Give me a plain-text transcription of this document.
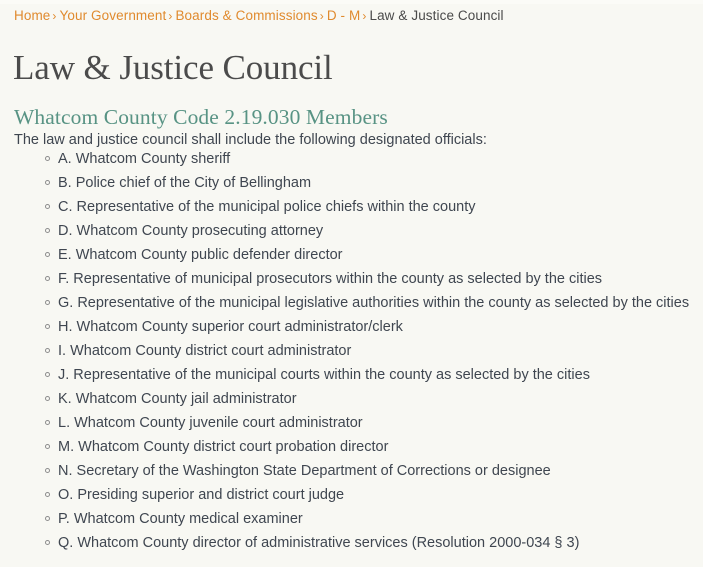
Home › Your Government › Boards & Commissions › D - M › Law & Justice Council
Law & Justice Council
Whatcom County Code 2.19.030 Members

The law and justice council shall include the following designated officials:

A. Whatcom County sheriff
B. Police chief of the City of Bellingham
C. Representative of the municipal police chiefs within the county
D. Whatcom County prosecuting attorney
E. Whatcom County public defender director
F. Representative of municipal prosecutors within the county as selected by the cities
G. Representative of the municipal legislative authorities within the county as selected by the cities
H. Whatcom County superior court administrator/clerk
I. Whatcom County district court administrator
J. Representative of the municipal courts within the county as selected by the cities
K. Whatcom County jail administrator
L. Whatcom County juvenile court administrator
M. Whatcom County district court probation director
N. Secretary of the Washington State Department of Corrections or designee
O. Presiding superior and district court judge
P. Whatcom County medical examiner
Q. Whatcom County director of administrative services (Resolution 2000-034 § 3)
